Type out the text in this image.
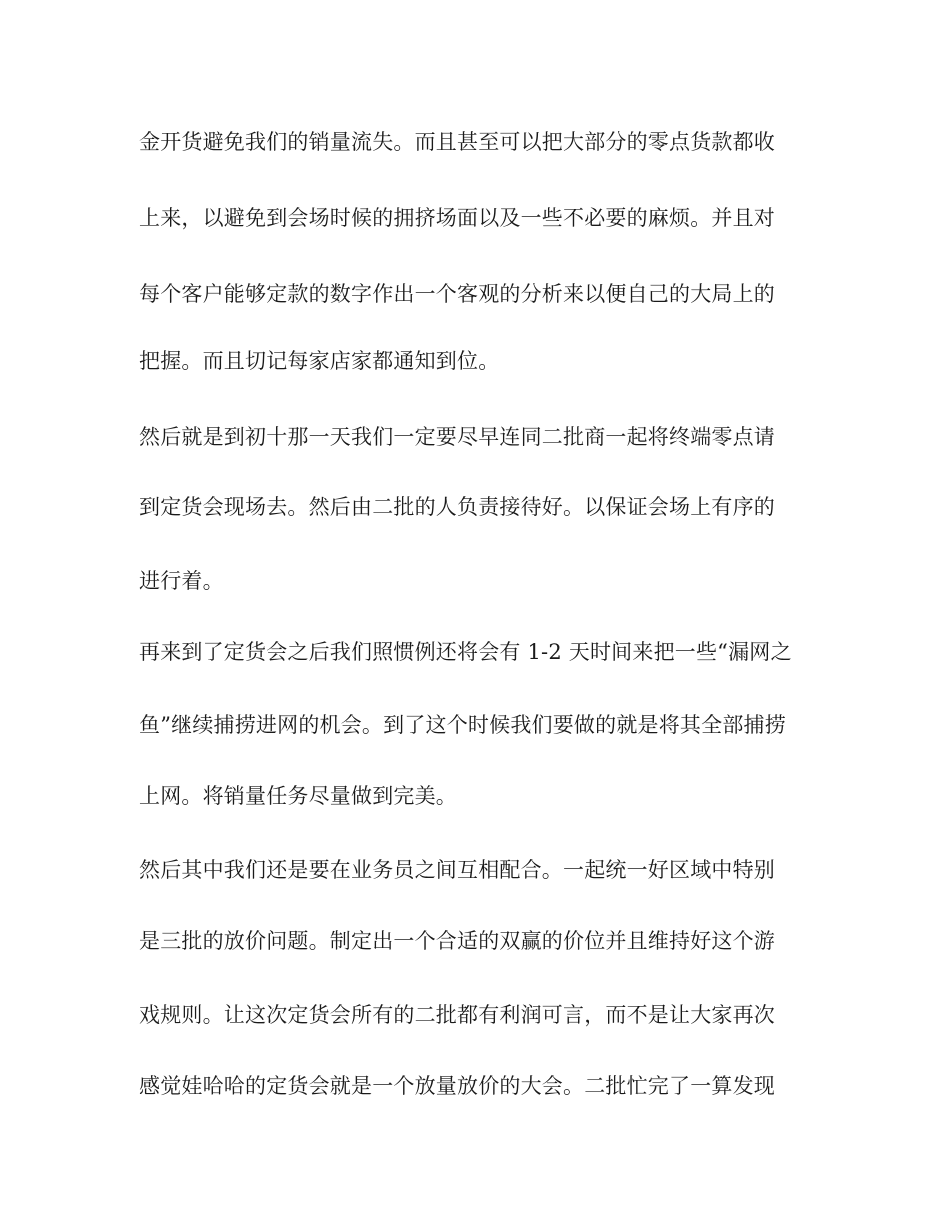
金开货避免我们的销量流失。而且甚至可以把大部分的零点货款都收
上来，以避免到会场时候的拥挤场面以及一些不必要的麻烦。并且对
每个客户能够定款的数字作出一个客观的分析来以便自己的大局上的
把握。而且切记每家店家都通知到位。
然后就是到初十那一天我们一定要尽早连同二批商一起将终端零点请
到定货会现场去。然后由二批的人负责接待好。以保证会场上有序的
进行着。
再来到了定货会之后我们照惯例还将会有 1-2 天时间来把一些“漏网之
鱼”继续捕捞进网的机会。到了这个时候我们要做的就是将其全部捕捞
上网。将销量任务尽量做到完美。
然后其中我们还是要在业务员之间互相配合。一起统一好区域中特别
是三批的放价问题。制定出一个合适的双赢的价位并且维持好这个游
戏规则。让这次定货会所有的二批都有利润可言，而不是让大家再次
感觉娃哈哈的定货会就是一个放量放价的大会。二批忙完了一算发现
